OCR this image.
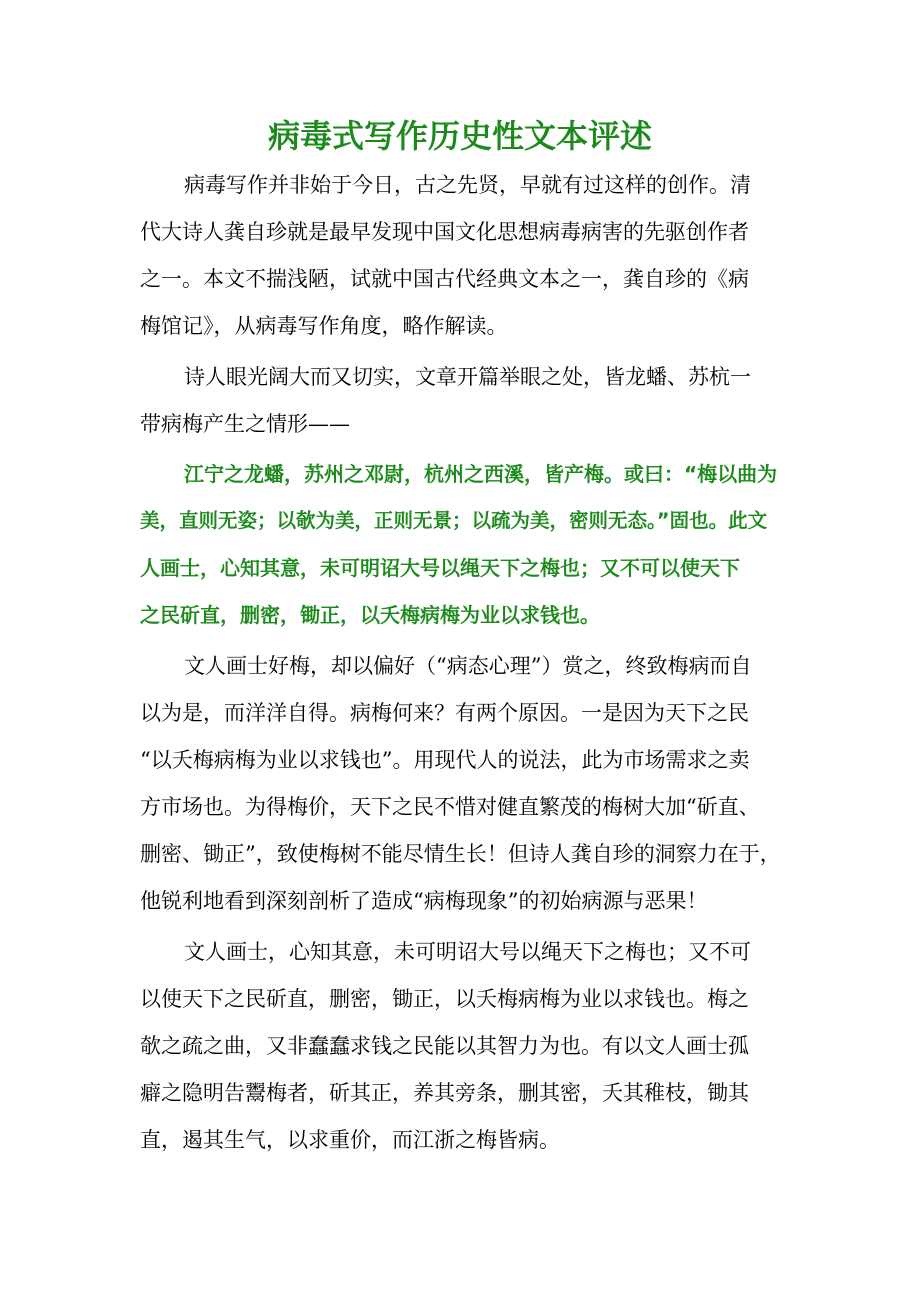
病毒式写作历史性文本评述

病毒写作并非始于今日，古之先贤，早就有过这样的创作。清

代大诗人龚自珍就是最早发现中国文化思想病毒病害的先驱创作者

之一。本文不揣浅陋，试就中国古代经典文本之一，龚自珍的《病

梅馆记》，从病毒写作角度，略作解读。

诗人眼光阔大而又切实，文章开篇举眼之处，皆龙蟠、苏杭一

带病梅产生之情形——

江宁之龙蟠，苏州之邓尉，杭州之西溪，皆产梅。或曰：“梅以曲为

美，直则无姿；以欹为美，正则无景；以疏为美，密则无态。”固也。此文

人画士，心知其意，未可明诏大号以绳天下之梅也；又不可以使天下

之民斫直，删密，锄正，以夭梅病梅为业以求钱也。

文人画士好梅，却以偏好（“病态心理”）赏之，终致梅病而自

以为是，而洋洋自得。病梅何来？有两个原因。一是因为天下之民

“以夭梅病梅为业以求钱也”。用现代人的说法，此为市场需求之卖

方市场也。为得梅价，天下之民不惜对健直繁茂的梅树大加“斫直、

删密、锄正”，致使梅树不能尽情生长！但诗人龚自珍的洞察力在于，

他锐利地看到深刻剖析了造成“病梅现象”的初始病源与恶果！

文人画士，心知其意，未可明诏大号以绳天下之梅也；又不可

以使天下之民斫直，删密，锄正，以夭梅病梅为业以求钱也。梅之

欹之疏之曲，又非蠢蠢求钱之民能以其智力为也。有以文人画士孤

癖之隐明告鬻梅者，斫其正，养其旁条，删其密，夭其稚枝，锄其

直，遏其生气，以求重价，而江浙之梅皆病。
